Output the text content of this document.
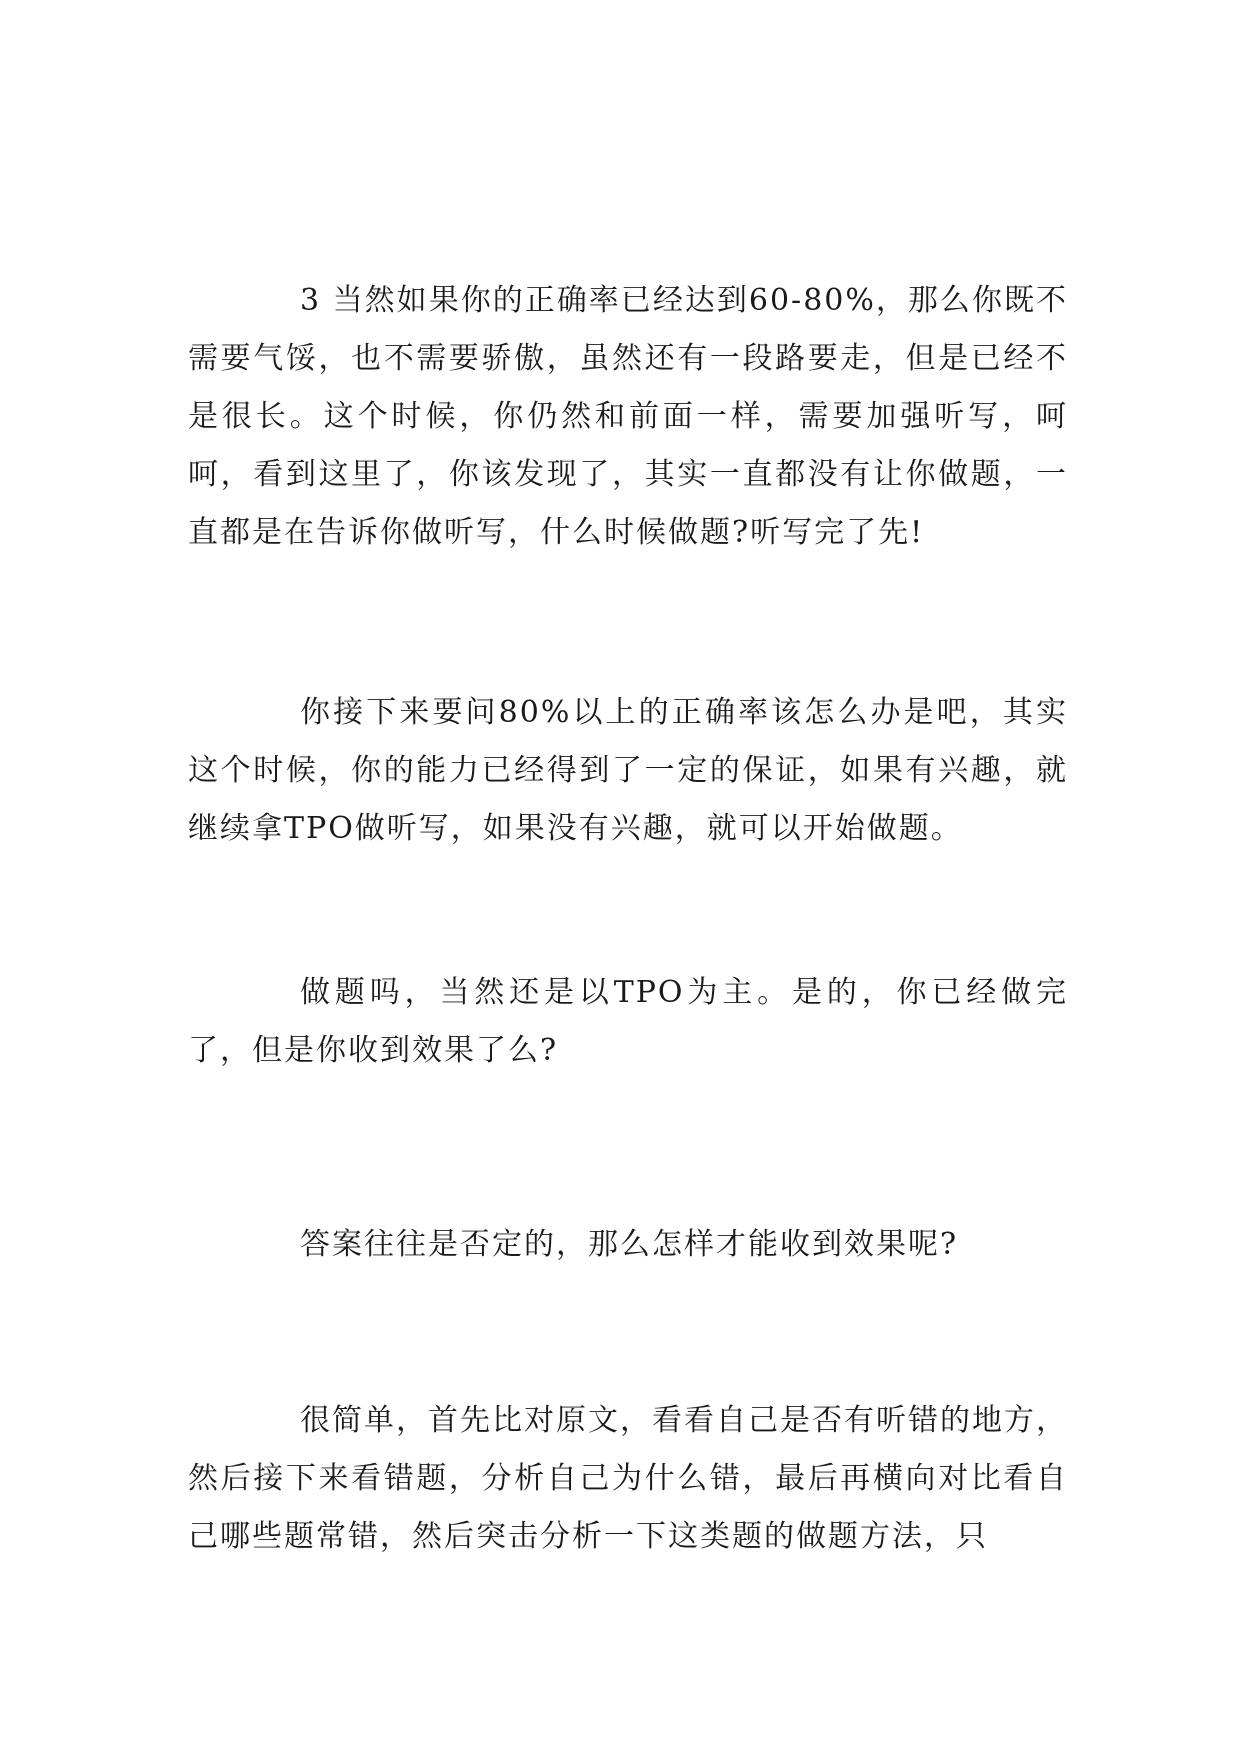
3 当然如果你的正确率已经达到60-80%，那么你既不需要气馁，也不需要骄傲，虽然还有一段路要走，但是已经不是很长。这个时候，你仍然和前面一样，需要加强听写，呵呵，看到这里了，你该发现了，其实一直都没有让你做题，一直都是在告诉你做听写，什么时候做题?听写完了先!

你接下来要问80%以上的正确率该怎么办是吧，其实这个时候，你的能力已经得到了一定的保证，如果有兴趣，就继续拿TPO做听写，如果没有兴趣，就可以开始做题。

做题吗，当然还是以TPO为主。是的，你已经做完了，但是你收到效果了么?

答案往往是否定的，那么怎样才能收到效果呢?

很简单，首先比对原文，看看自己是否有听错的地方，然后接下来看错题，分析自己为什么错，最后再横向对比看自己哪些题常错，然后突击分析一下这类题的做题方法，只
